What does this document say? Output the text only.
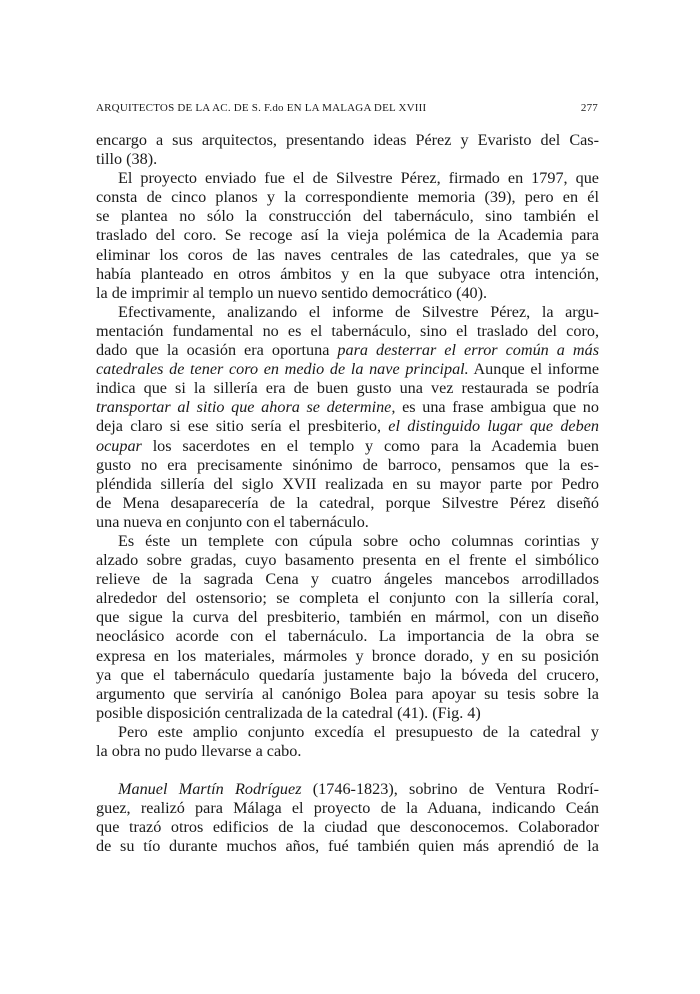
ARQUITECTOS DE LA AC. DE S. F.do EN LA MALAGA DEL XVIII	277
encargo a sus arquitectos, presentando ideas Pérez y Evaristo del Cas-
tillo (38).
El proyecto enviado fue el de Silvestre Pérez, firmado en 1797, que
consta de cinco planos y la correspondiente memoria (39), pero en él
se plantea no sólo la construcción del tabernáculo, sino también el
traslado del coro. Se recoge así la vieja polémica de la Academia para
eliminar los coros de las naves centrales de las catedrales, que ya se
había planteado en otros ámbitos y en la que subyace otra intención,
la de imprimir al templo un nuevo sentido democrático (40).
Efectivamente, analizando el informe de Silvestre Pérez, la argu-
mentación fundamental no es el tabernáculo, sino el traslado del coro,
dado que la ocasión era oportuna para desterrar el error común a más
catedrales de tener coro en medio de la nave principal. Aunque el informe
indica que si la sillería era de buen gusto una vez restaurada se podría
transportar al sitio que ahora se determine, es una frase ambigua que no
deja claro si ese sitio sería el presbiterio, el distinguido lugar que deben
ocupar los sacerdotes en el templo y como para la Academia buen
gusto no era precisamente sinónimo de barroco, pensamos que la es-
pléndida sillería del siglo XVII realizada en su mayor parte por Pedro
de Mena desaparecería de la catedral, porque Silvestre Pérez diseñó
una nueva en conjunto con el tabernáculo.
Es éste un templete con cúpula sobre ocho columnas corintias y
alzado sobre gradas, cuyo basamento presenta en el frente el simbólico
relieve de la sagrada Cena y cuatro ángeles mancebos arrodillados
alrededor del ostensorio; se completa el conjunto con la sillería coral,
que sigue la curva del presbiterio, también en mármol, con un diseño
neoclásico acorde con el tabernáculo. La importancia de la obra se
expresa en los materiales, mármoles y bronce dorado, y en su posición
ya que el tabernáculo quedaría justamente bajo la bóveda del crucero,
argumento que serviría al canónigo Bolea para apoyar su tesis sobre la
posible disposición centralizada de la catedral (41). (Fig. 4)
Pero este amplio conjunto excedía el presupuesto de la catedral y
la obra no pudo llevarse a cabo.
Manuel Martín Rodríguez (1746-1823), sobrino de Ventura Rodrí-
guez, realizó para Málaga el proyecto de la Aduana, indicando Ceán
que trazó otros edificios de la ciudad que desconocemos. Colaborador
de su tío durante muchos años, fué también quien más aprendió de la
